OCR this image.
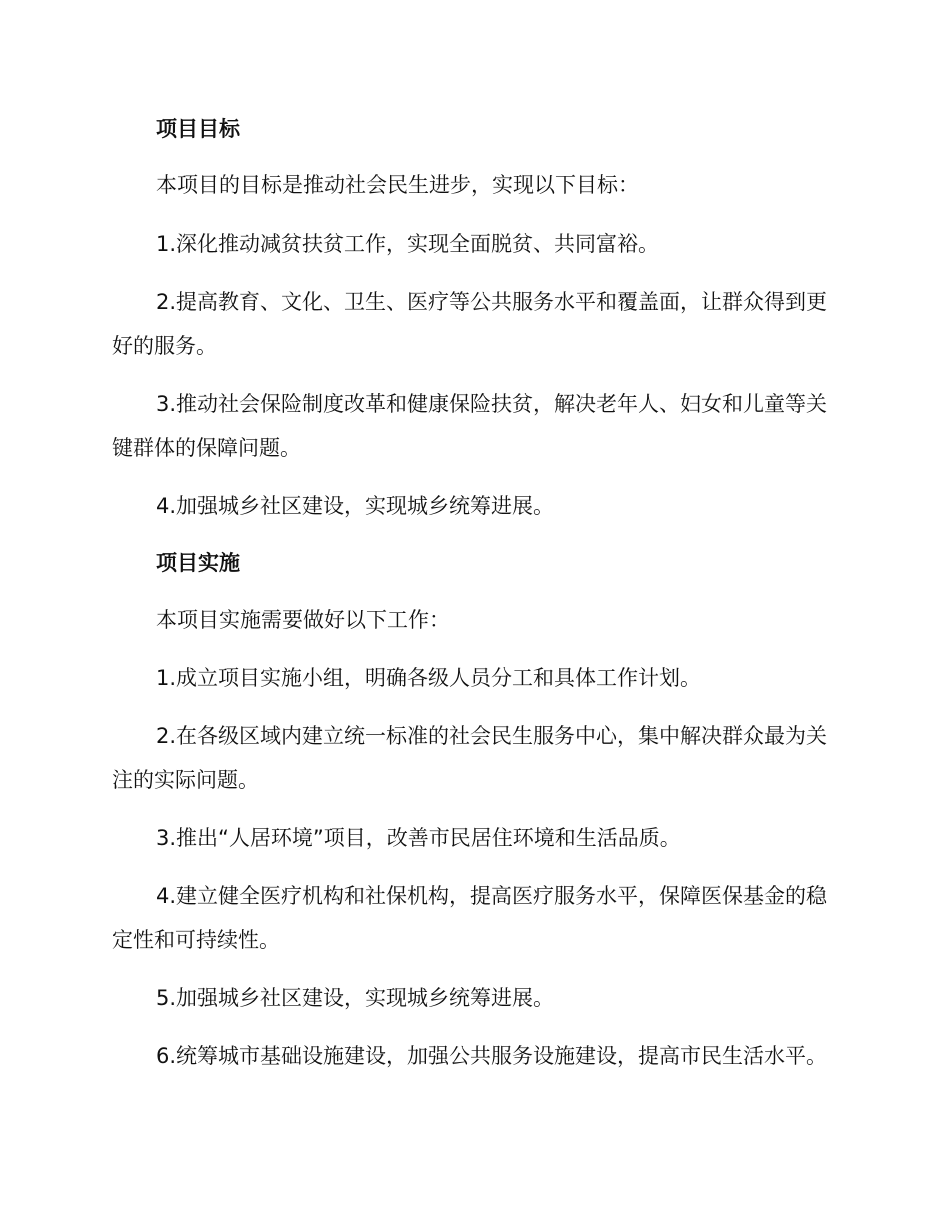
项目目标

本项目的目标是推动社会民生进步，实现以下目标：

1.深化推动减贫扶贫工作，实现全面脱贫、共同富裕。

2.提高教育、文化、卫生、医疗等公共服务水平和覆盖面，让群众得到更好的服务。

3.推动社会保险制度改革和健康保险扶贫，解决老年人、妇女和儿童等关键群体的保障问题。

4.加强城乡社区建设，实现城乡统筹进展。

项目实施

本项目实施需要做好以下工作：

1.成立项目实施小组，明确各级人员分工和具体工作计划。

2.在各级区域内建立统一标准的社会民生服务中心，集中解决群众最为关注的实际问题。

3.推出“人居环境”项目，改善市民居住环境和生活品质。

4.建立健全医疗机构和社保机构，提高医疗服务水平，保障医保基金的稳定性和可持续性。

5.加强城乡社区建设，实现城乡统筹进展。

6.统筹城市基础设施建设，加强公共服务设施建设，提高市民生活水平。
